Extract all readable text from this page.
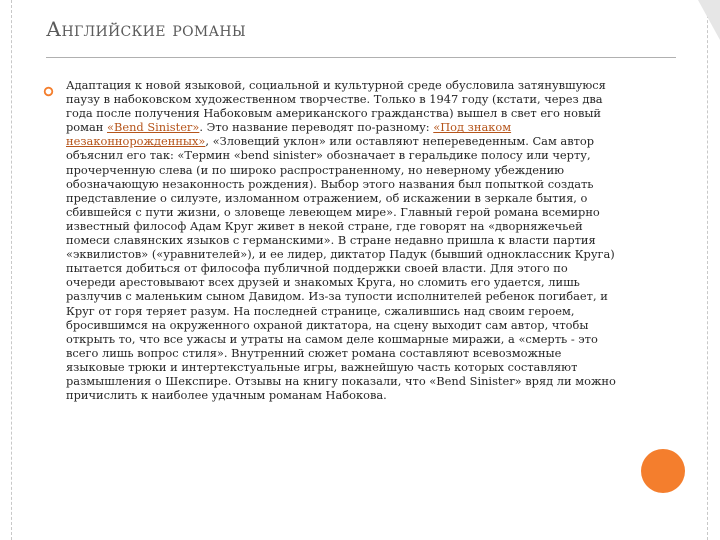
Английские романы

Адаптация к новой языковой, социальной и культурной среде обусловила затянувшуюся паузу в набоковском художественном творчестве. Только в 1947 году (кстати, через два года после получения Набоковым американского гражданства) вышел в свет его новый роман «Bend Sinister». Это название переводят по-разному: «Под знаком незаконнорожденных», «Зловещий уклон» или оставляют непереведенным. Сам автор объяснил его так: «Термин «bend sinister» обозначает в геральдике полосу или черту, прочерченную слева (и по широко распространенному, но неверному убеждению обозначающую незаконность рождения). Выбор этого названия был попыткой создать представление о силуэте, изломанном отражением, об искажении в зеркале бытия, о сбившейся с пути жизни, о зловеще левеющем мире». Главный герой романа всемирно известный философ Адам Круг живет в некой стране, где говорят на «дворняжечьей помеси славянских языков с германскими». В стране недавно пришла к власти партия «эквилистов» («уравнителей»), и ее лидер, диктатор Падук (бывший одноклассник Круга) пытается добиться от философа публичной поддержки своей власти. Для этого по очереди арестовывают всех друзей и знакомых Круга, но сломить его удается, лишь разлучив с маленьким сыном Давидом. Из-за тупости исполнителей ребенок погибает, и Круг от горя теряет разум. На последней странице, сжалившись над своим героем, бросившимся на окруженного охраной диктатора, на сцену выходит сам автор, чтобы открыть то, что все ужасы и утраты на самом деле кошмарные миражи, а «смерть - это всего лишь вопрос стиля». Внутренний сюжет романа составляют всевозможные языковые трюки и интертекстуальные игры, важнейшую часть которых составляют размышления о Шекспире. Отзывы на книгу показали, что «Bend Sinister» вряд ли можно причислить к наиболее удачным романам Набокова.
